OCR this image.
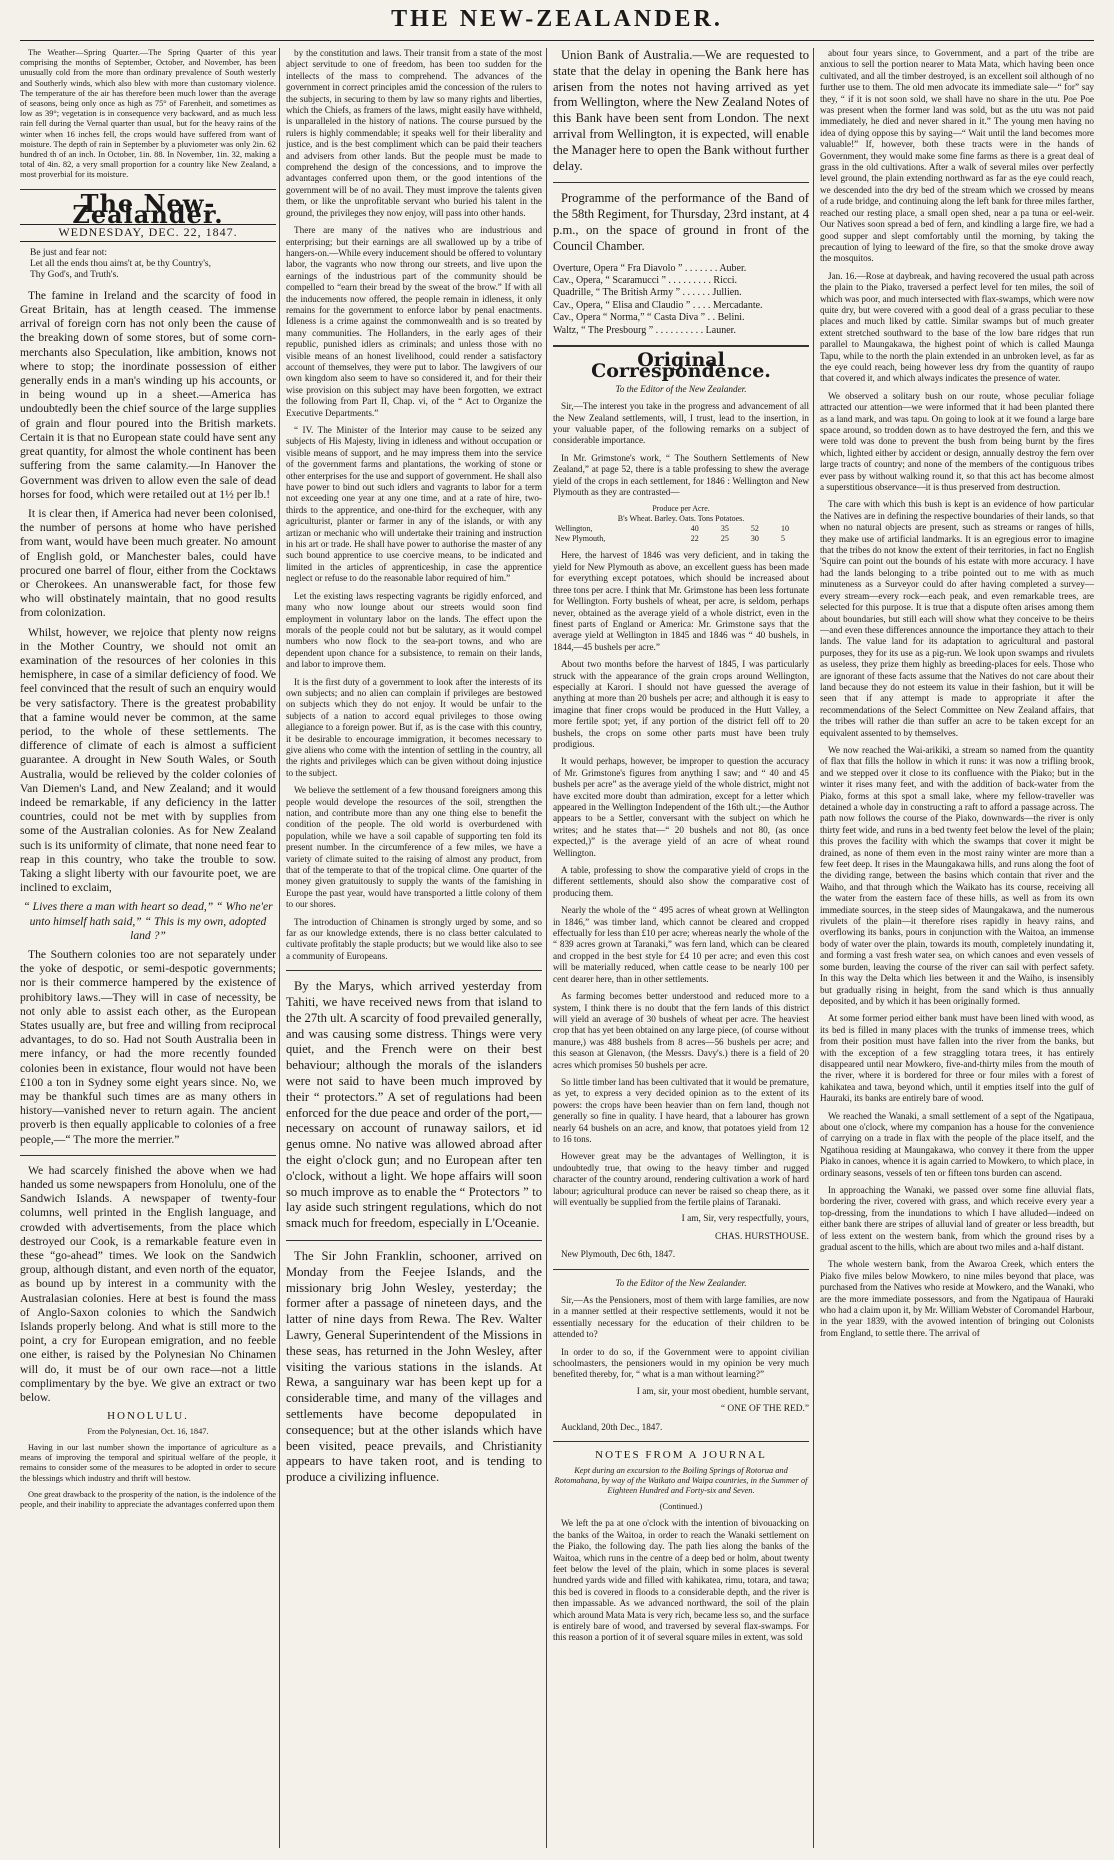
THE NEW-ZEALANDER.

The Weather—Spring Quarter.—The Spring Quarter of this year comprising the months of September, October, and November, has been unusually cold from the more than ordinary prevalence of South westerly and Southerly winds, which also blew with more than customary violence. The temperature of the air has therefore been much lower than the average of seasons, being only once as high as 75° of Farenheit, and sometimes as low as 39°; vegetation is in consequence very backward, and as much less rain fell during the Vernal quarter than usual, but for the heavy rains of the winter when 16 inches fell, the crops would have suffered from want of moisture. The depth of rain in September by a pluviometer was only 2in. 62 hundred th of an inch. In October, 1in. 88. In November, 1in. 32, making a total of 4in. 82, a very small proportion for a country like New Zealand, a most proverbial for its moisture.

The New-Zealander.
WEDNESDAY, DEC. 22, 1847.

Be just and fear not:

Let all the ends thou aims't at, be thy Country's,

Thy God's, and Truth's.

The famine in Ireland and the scarcity of food in Great Britain, has at length ceased. The immense arrival of foreign corn has not only been the cause of the breaking down of some stores, but of some corn-merchants also Speculation, like ambition, knows not where to stop; the inordinate possession of either generally ends in a man's winding up his accounts, or in being wound up in a sheet.—America has undoubtedly been the chief source of the large supplies of grain and flour poured into the British markets. Certain it is that no European state could have sent any great quantity, for almost the whole continent has been suffering from the same calamity.—In Hanover the Government was driven to allow even the sale of dead horses for food, which were retailed out at 1½ per lb.!

It is clear then, if America had never been colonised, the number of persons at home who have perished from want, would have been much greater. No amount of English gold, or Manchester bales, could have procured one barrel of flour, either from the Cocktaws or Cherokees. An unanswerable fact, for those few who will obstinately maintain, that no good results from colonization.

Whilst, however, we rejoice that plenty now reigns in the Mother Country, we should not omit an examination of the resources of her colonies in this hemisphere, in case of a similar deficiency of food. We feel convinced that the result of such an enquiry would be very satisfactory. There is the greatest probability that a famine would never be common, at the same period, to the whole of these settlements. The difference of climate of each is almost a sufficient guarantee. A drought in New South Wales, or South Australia, would be relieved by the colder colonies of Van Diemen's Land, and New Zealand; and it would indeed be remarkable, if any deficiency in the latter countries, could not be met with by supplies from some of the Australian colonies. As for New Zealand such is its uniformity of climate, that none need fear to reap in this country, who take the trouble to sow. Taking a slight liberty with our favourite poet, we are inclined to exclaim,

“ Lives there a man with heart so dead,” “ Who ne'er unto himself hath said,” “ This is my own, adopted land ?”

The Southern colonies too are not separately under the yoke of despotic, or semi-despotic governments; nor is their commerce hampered by the existence of prohibitory laws.—They will in case of necessity, be not only able to assist each other, as the European States usually are, but free and willing from reciprocal advantages, to do so. Had not South Australia been in mere infancy, or had the more recently founded colonies been in existance, flour would not have been £100 a ton in Sydney some eight years since. No, we may be thankful such times are as many others in history—vanished never to return again. The ancient proverb is then equally applicable to colonies of a free people,—“ The more the merrier.”

We had scarcely finished the above when we had handed us some newspapers from Honolulu, one of the Sandwich Islands. A newspaper of twenty-four columns, well printed in the English language, and crowded with advertisements, from the place which destroyed our Cook, is a remarkable feature even in these “go-ahead” times. We look on the Sandwich group, although distant, and even north of the equator, as bound up by interest in a community with the Australasian colonies. Here at best is found the mass of Anglo-Saxon colonies to which the Sandwich Islands properly belong. And what is still more to the point, a cry for European emigration, and no feeble one either, is raised by the Polynesian No Chinamen will do, it must be of our own race—not a little complimentary by the bye. We give an extract or two below.

HONOLULU.

From the Polynesian, Oct. 16, 1847.

Having in our last number shown the importance of agriculture as a means of improving the temporal and spiritual welfare of the people, it remains to consider some of the measures to be adopted in order to secure the blessings which industry and thrift will bestow.

One great drawback to the prosperity of the nation, is the indolence of the people, and their inability to appreciate the advantages conferred upon them

by the constitution and laws. Their transit from a state of the most abject servitude to one of freedom, has been too sudden for the intellects of the mass to comprehend. The advances of the government in correct principles amid the concession of the rulers to the subjects, in securing to them by law so many rights and liberties, which the Chiefs, as framers of the laws, might easily have withheld, is unparalleled in the history of nations. The course pursued by the rulers is highly commendable; it speaks well for their liberality and justice, and is the best compliment which can be paid their teachers and advisers from other lands. But the people must be made to comprehend the design of the concessions, and to improve the advantages conferred upon them, or the good intentions of the government will be of no avail. They must improve the talents given them, or like the unprofitable servant who buried his talent in the ground, the privileges they now enjoy, will pass into other hands.

There are many of the natives who are industrious and enterprising; but their earnings are all swallowed up by a tribe of hangers-on.—While every inducement should be offered to voluntary labor, the vagrants who now throng our streets, and live upon the earnings of the industrious part of the community should be compelled to “earn their bread by the sweat of the brow.” If with all the inducements now offered, the people remain in idleness, it only remains for the government to enforce labor by penal enactments. Idleness is a crime against the commonwealth and is so treated by many communities. The Hollanders, in the early ages of their republic, punished idlers as criminals; and unless those with no visible means of an honest livelihood, could render a satisfactory account of themselves, they were put to labor. The lawgivers of our own kingdom also seem to have so considered it, and for their their wise provision on this subject may have been forgotten, we extract the following from Part II, Chap. vi, of the “ Act to Organize the Executive Departments.”

“ IV. The Minister of the Interior may cause to be seized any subjects of His Majesty, living in idleness and without occupation or visible means of support, and he may impress them into the service of the government farms and plantations, the working of stone or other enterprises for the use and support of government. He shall also have power to bind out such idlers and vagrants to labor for a term not exceeding one year at any one time, and at a rate of hire, two-thirds to the apprentice, and one-third for the exchequer, with any agriculturist, planter or farmer in any of the islands, or with any artizan or mechanic who will undertake their training and instruction in his art or trade. He shall have power to authorise the master of any such bound apprentice to use coercive means, to be indicated and limited in the articles of apprenticeship, in case the apprentice neglect or refuse to do the reasonable labor required of him.”

Let the existing laws respecting vagrants be rigidly enforced, and many who now lounge about our streets would soon find employment in voluntary labor on the lands. The effect upon the morals of the people could not but be salutary, as it would compel numbers who now flock to the sea-port towns, and who are dependent upon chance for a subsistence, to remain on their lands, and labor to improve them.

It is the first duty of a government to look after the interests of its own subjects; and no alien can complain if privileges are bestowed on subjects which they do not enjoy. It would be unfair to the subjects of a nation to accord equal privileges to those owing allegiance to a foreign power. But if, as is the case with this country, it be desirable to encourage immigration, it becomes necessary to give aliens who come with the intention of settling in the country, all the rights and privileges which can be given without doing injustice to the subject.

We believe the settlement of a few thousand foreigners among this people would develope the resources of the soil, strengthen the nation, and contribute more than any one thing else to benefit the condition of the people. The old world is overburdened with population, while we have a soil capable of supporting ten fold its present number. In the circumference of a few miles, we have a variety of climate suited to the raising of almost any product, from that of the temperate to that of the tropical clime. One quarter of the money given gratuitously to supply the wants of the famishing in Europe the past year, would have transported a little colony of them to our shores.

The introduction of Chinamen is strongly urged by some, and so far as our knowledge extends, there is no class better calculated to cultivate profitably the staple products; but we would like also to see a community of Europeans.

By the Marys, which arrived yesterday from Tahiti, we have received news from that island to the 27th ult. A scarcity of food prevailed generally, and was causing some distress. Things were very quiet, and the French were on their best behaviour; although the morals of the islanders were not said to have been much improved by their “ protectors.” A set of regulations had been enforced for the due peace and order of the port,—necessary on account of runaway sailors, et id genus omne. No native was allowed abroad after the eight o'clock gun; and no European after ten o'clock, without a light. We hope affairs will soon so much improve as to enable the “ Protectors ” to lay aside such stringent regulations, which do not smack much for freedom, especially in L'Oceanie.

The Sir John Franklin, schooner, arrived on Monday from the Feejee Islands, and the missionary brig John Wesley, yesterday; the former after a passage of nineteen days, and the latter of nine days from Rewa. The Rev. Walter Lawry, General Superintendent of the Missions in these seas, has returned in the John Wesley, after visiting the various stations in the islands. At Rewa, a sanguinary war has been kept up for a considerable time, and many of the villages and settlements have become depopulated in consequence; but at the other islands which have been visited, peace prevails, and Christianity appears to have taken root, and is tending to produce a civilizing influence.

Union Bank of Australia.—We are requested to state that the delay in opening the Bank here has arisen from the notes not having arrived as yet from Wellington, where the New Zealand Notes of this Bank have been sent from London. The next arrival from Wellington, it is expected, will enable the Manager here to open the Bank without further delay.

Programme of the performance of the Band of the 58th Regiment, for Thursday, 23rd instant, at 4 p.m., on the space of ground in front of the Council Chamber.

Overture, Opera “ Fra Diavolo ” . . . . . . . Auber.

Cav., Opera, “ Scaramucci ” . . . . . . . . . Ricci.

Quadrille, “ The British Army ” . . . . . . Jullien.

Cav., Opera, “ Elisa and Claudio ” . . . . Mercadante.

Cav., Opera “ Norma,” “ Casta Diva ” . . Belini.

Waltz, “ The Presbourg ” . . . . . . . . . . Launer.

Original Correspondence.

To the Editor of the New Zealander.

Sir,—The interest you take in the progress and advancement of all the New Zealand settlements, will, I trust, lead to the insertion, in your valuable paper, of the following remarks on a subject of considerable importance.

In Mr. Grimstone's work, “ The Southern Settlements of New Zealand,” at page 52, there is a table professing to shew the average yield of the crops in each settlement, for 1846 : Wellington and New Plymouth as they are contrasted—

Produce per Acre.
B's Wheat. Barley. Oats. Tons Potatoes.
Wellington,	40	35	52	10
New Plymouth,	22	25	30	5

Here, the harvest of 1846 was very deficient, and in taking the yield for New Plymouth as above, an excellent guess has been made for everything except potatoes, which should be increased about three tons per acre. I think that Mr. Grimstone has been less fortunate for Wellington. Forty bushels of wheat, per acre, is seldom, perhaps never, obtained as the average yield of a whole district, even in the finest parts of England or America: Mr. Grimstone says that the average yield at Wellington in 1845 and 1846 was “ 40 bushels, in 1844,—45 bushels per acre.”

About two months before the harvest of 1845, I was particularly struck with the appearance of the grain crops around Wellington, especially at Karori. I should not have guessed the average of anything at more than 20 bushels per acre; and although it is easy to imagine that finer crops would be produced in the Hutt Valley, a more fertile spot; yet, if any portion of the district fell off to 20 bushels, the crops on some other parts must have been truly prodigious.

It would perhaps, however, be improper to question the accuracy of Mr. Grimstone's figures from anything I saw; and “ 40 and 45 bushels per acre” as the average yield of the whole district, might not have excited more doubt than admiration, except for a letter which appeared in the Wellington Independent of the 16th ult.;—the Author appears to be a Settler, conversant with the subject on which he writes; and he states that—“ 20 bushels and not 80, (as once expected,)” is the average yield of an acre of wheat round Wellington.

A table, professing to show the comparative yield of crops in the different settlements, should also show the comparative cost of producing them.

Nearly the whole of the “ 495 acres of wheat grown at Wellington in 1846,” was timber land, which cannot be cleared and cropped effectually for less than £10 per acre; whereas nearly the whole of the “ 839 acres grown at Taranaki,” was fern land, which can be cleared and cropped in the best style for £4 10 per acre; and even this cost will be materially reduced, when cattle cease to be nearly 100 per cent dearer here, than in other settlements.

As farming becomes better understood and reduced more to a system, I think there is no doubt that the fern lands of this district will yield an average of 30 bushels of wheat per acre. The heaviest crop that has yet been obtained on any large piece, (of course without manure,) was 488 bushels from 8 acres—56 bushels per acre; and this season at Glenavon, (the Messrs. Davy's.) there is a field of 20 acres which promises 50 bushels per acre.

So little timber land has been cultivated that it would be premature, as yet, to express a very decided opinion as to the extent of its powers: the crops have been heavier than on fern land, though not generally so fine in quality. I have heard, that a labourer has grown nearly 64 bushels on an acre, and know, that potatoes yield from 12 to 16 tons.

However great may be the advantages of Wellington, it is undoubtedly true, that owing to the heavy timber and rugged character of the country around, rendering cultivation a work of hard labour; agricultural produce can never be raised so cheap there, as it will eventually be supplied from the fertile plains of Taranaki.

I am, Sir, very respectfully, yours,

CHAS. HURSTHOUSE.

New Plymouth, Dec 6th, 1847.

To the Editor of the New Zealander.

Sir,—As the Pensioners, most of them with large families, are now in a manner settled at their respective settlements, would it not be essentially necessary for the education of their children to be attended to?

In order to do so, if the Government were to appoint civilian schoolmasters, the pensioners would in my opinion be very much benefited thereby, for, “ what is a man without learning?”

I am, sir, your most obedient, humble servant,

“ ONE OF THE RED.”

Auckland, 20th Dec., 1847.

NOTES FROM A JOURNAL

Kept during an excursion to the Boiling Springs of Rotorua and Rotomahana, by way of the Waikato and Waipa countries, in the Summer of Eighteen Hundred and Forty-six and Seven.

(Continued.)

We left the pa at one o'clock with the intention of bivouacking on the banks of the Waitoa, in order to reach the Wanaki settlement on the Piako, the following day. The path lies along the banks of the Waitoa, which runs in the centre of a deep bed or holm, about twenty feet below the level of the plain, which in some places is several hundred yards wide and filled with kahikatea, rimu, totara, and tawa; this bed is covered in floods to a considerable depth, and the river is then impassable. As we advanced northward, the soil of the plain which around Mata Mata is very rich, became less so, and the surface is entirely bare of wood, and traversed by several flax-swamps. For this reason a portion of it of several square miles in extent, was sold

about four years since, to Government, and a part of the tribe are anxious to sell the portion nearer to Mata Mata, which having been once cultivated, and all the timber destroyed, is an excellent soil although of no further use to them. The old men advocate its immediate sale—“ for” say they, “ if it is not soon sold, we shall have no share in the utu. Poe Poe was present when the former land was sold, but as the utu was not paid immediately, he died and never shared in it.” The young men having no idea of dying oppose this by saying—“ Wait until the land becomes more valuable!” If, however, both these tracts were in the hands of Government, they would make some fine farms as there is a great deal of grass in the old cultivations. After a walk of several miles over perfectly level ground, the plain extending northward as far as the eye could reach, we descended into the dry bed of the stream which we crossed by means of a rude bridge, and continuing along the left bank for three miles farther, reached our resting place, a small open shed, near a pa tuna or eel-weir. Our Natives soon spread a bed of fern, and kindling a large fire, we had a good supper and slept comfortably until the morning, by taking the precaution of lying to leeward of the fire, so that the smoke drove away the mosquitos.

Jan. 16.—Rose at daybreak, and having recovered the usual path across the plain to the Piako, traversed a perfect level for ten miles, the soil of which was poor, and much intersected with flax-swamps, which were now quite dry, but were covered with a good deal of a grass peculiar to these places and much liked by cattle. Similar swamps but of much greater extent stretched southward to the base of the low bare ridges that run parallel to Maungakawa, the highest point of which is called Maunga Tapu, while to the north the plain extended in an unbroken level, as far as the eye could reach, being however less dry from the quantity of raupo that covered it, and which always indicates the presence of water.

We observed a solitary bush on our route, whose peculiar foliage attracted our attention—we were informed that it had been planted there as a land mark, and was tapu. On going to look at it we found a large bare space around, so trodden down as to have destroyed the fern, and this we were told was done to prevent the bush from being burnt by the fires which, lighted either by accident or design, annually destroy the fern over large tracts of country; and none of the members of the contiguous tribes ever pass by without walking round it, so that this act has become almost a superstitious observance—it is thus preserved from destruction.

The care with which this bush is kept is an evidence of how particular the Natives are in defining the respective boundaries of their lands, so that when no natural objects are present, such as streams or ranges of hills, they make use of artificial landmarks. It is an egregious error to imagine that the tribes do not know the extent of their territories, in fact no English 'Squire can point out the bounds of his estate with more accuracy. I have had the lands belonging to a tribe pointed out to me with as much minuteness as a Surveyor could do after having completed a survey—every stream—every rock—each peak, and even remarkable trees, are selected for this purpose. It is true that a dispute often arises among them about boundaries, but still each will show what they conceive to be theirs—and even these differences announce the importance they attach to their lands. The value land for its adaptation to agricultural and pastoral purposes, they for its use as a pig-run. We look upon swamps and rivulets as useless, they prize them highly as breeding-places for eels. Those who are ignorant of these facts assume that the Natives do not care about their land because they do not esteem its value in their fashion, but it will be seen that if any attempt is made to appropriate it after the recommendations of the Select Committee on New Zealand affairs, that the tribes will rather die than suffer an acre to be taken except for an equivalent assented to by themselves.

We now reached the Wai-arikiki, a stream so named from the quantity of flax that fills the hollow in which it runs: it was now a trifling brook, and we stepped over it close to its confluence with the Piako; but in the winter it rises many feet, and with the addition of back-water from the Piako, forms at this spot a small lake, where my fellow-traveller was detained a whole day in constructing a raft to afford a passage across. The path now follows the course of the Piako, downwards—the river is only thirty feet wide, and runs in a bed twenty feet below the level of the plain; this proves the facility with which the swamps that cover it might be drained, as none of them even in the most rainy winter are more than a few feet deep. It rises in the Maungakawa hills, and runs along the foot of the dividing range, between the basins which contain that river and the Waiho, and that through which the Waikato has its course, receiving all the water from the eastern face of these hills, as well as from its own immediate sources, in the steep sides of Maungakawa, and the numerous rivulets of the plain—it therefore rises rapidly in heavy rains, and overflowing its banks, pours in conjunction with the Waitoa, an immense body of water over the plain, towards its mouth, completely inundating it, and forming a vast fresh water sea, on which canoes and even vessels of some burden, leaving the course of the river can sail with perfect safety. In this way the Delta which lies between it and the Waiho, is insensibly but gradually rising in height, from the sand which is thus annually deposited, and by which it has been originally formed.

At some former period either bank must have been lined with wood, as its bed is filled in many places with the trunks of immense trees, which from their position must have fallen into the river from the banks, but with the exception of a few straggling totara trees, it has entirely disappeared until near Mowkero, five-and-thirty miles from the mouth of the river, where it is bordered for three or four miles with a forest of kahikatea and tawa, beyond which, until it empties itself into the gulf of Hauraki, its banks are entirely bare of wood.

We reached the Wanaki, a small settlement of a sept of the Ngatipaua, about one o'clock, where my companion has a house for the convenience of carrying on a trade in flax with the people of the place itself, and the Ngatihoua residing at Maungakawa, who convey it there from the upper Piako in canoes, whence it is again carried to Mowkero, to which place, in ordinary seasons, vessels of ten or fifteen tons burden can ascend.

In approaching the Wanaki, we passed over some fine alluvial flats, bordering the river, covered with grass, and which receive every year a top-dressing, from the inundations to which I have alluded—indeed on either bank there are stripes of alluvial land of greater or less breadth, but of less extent on the western bank, from which the ground rises by a gradual ascent to the hills, which are about two miles and a-half distant.

The whole western bank, from the Awaroa Creek, which enters the Piako five miles below Mowkero, to nine miles beyond that place, was purchased from the Natives who reside at Mowkero, and the Wanaki, who are the more immediate possessors, and from the Ngatipaua of Hauraki who had a claim upon it, by Mr. William Webster of Coromandel Harbour, in the year 1839, with the avowed intention of bringing out Colonists from England, to settle there. The arrival of
